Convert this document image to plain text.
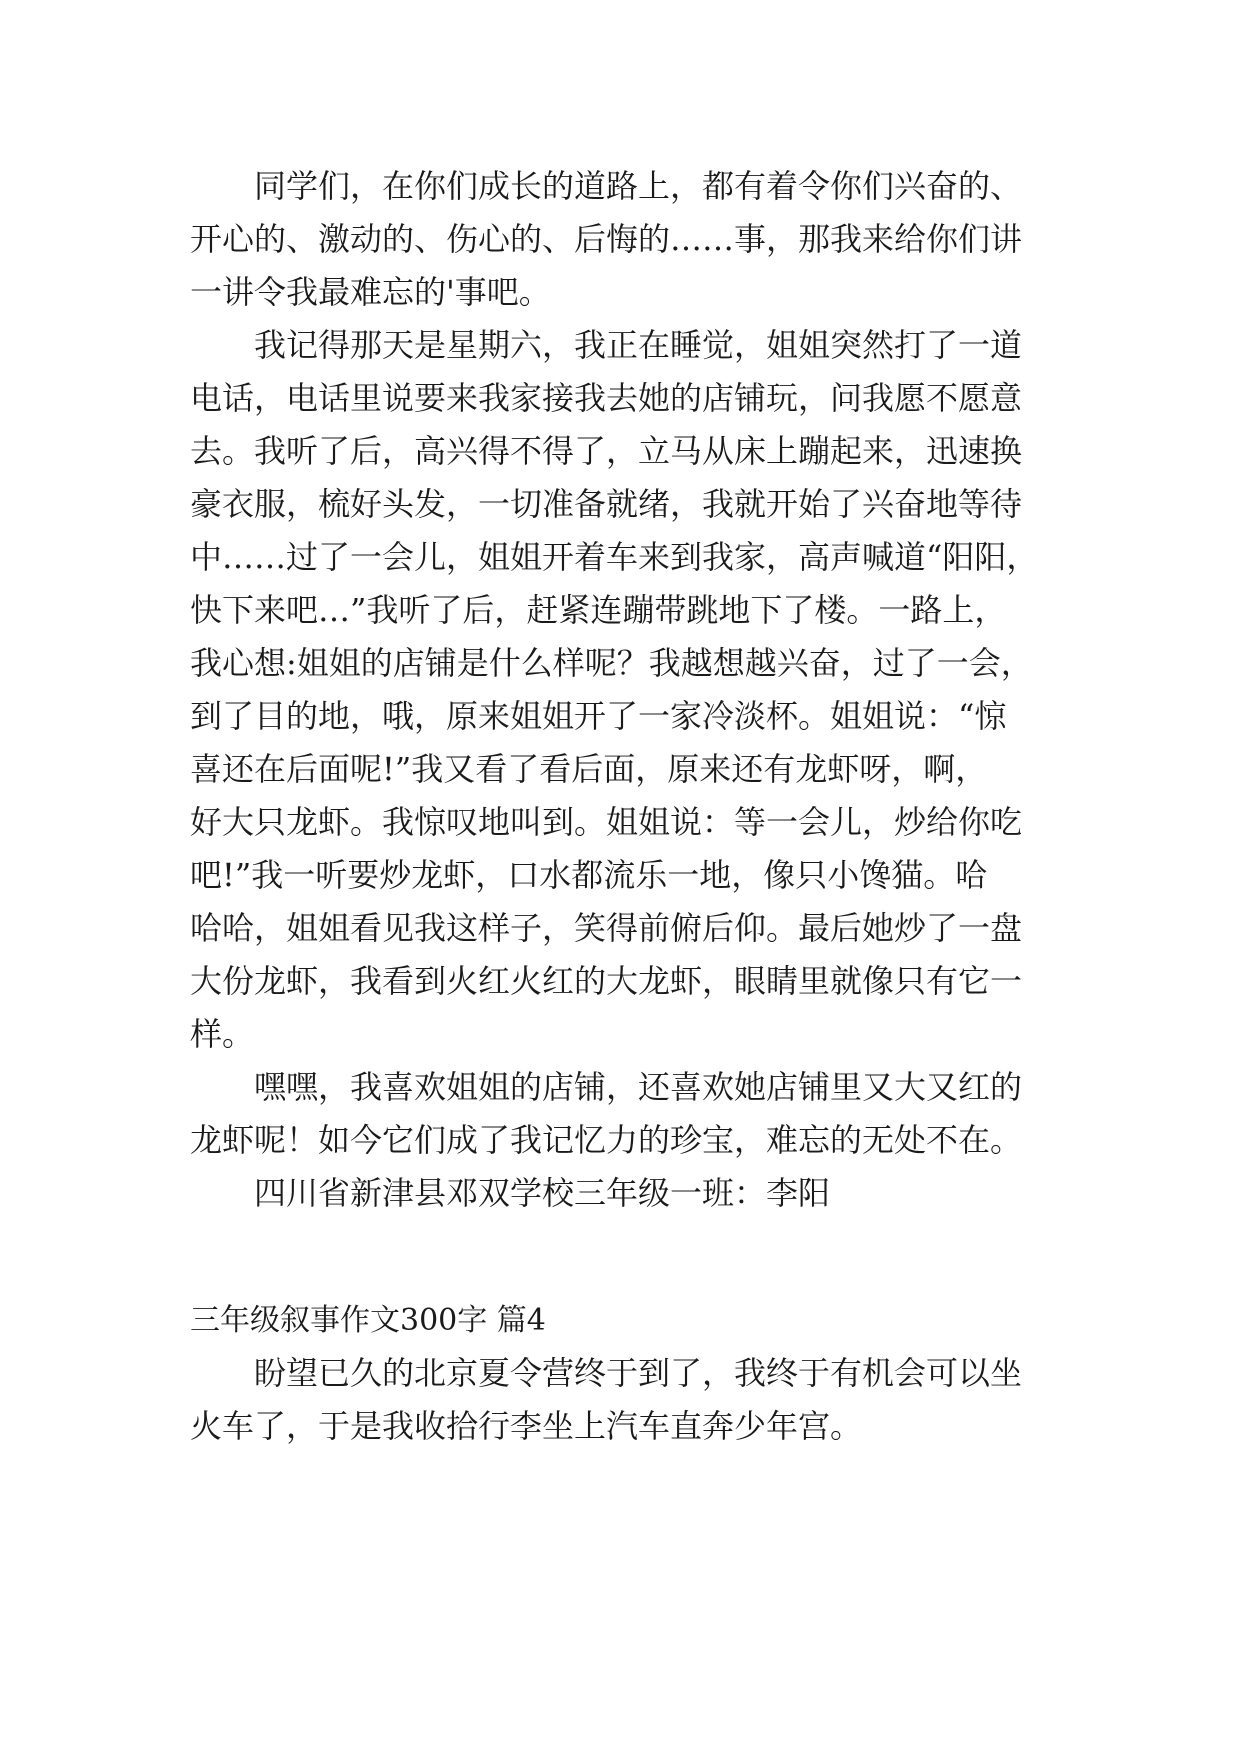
同学们，在你们成长的道路上，都有着令你们兴奋的、
开心的、激动的、伤心的、后悔的……事，那我来给你们讲
一讲令我最难忘的'事吧。
我记得那天是星期六，我正在睡觉，姐姐突然打了一道
电话，电话里说要来我家接我去她的店铺玩，问我愿不愿意
去。我听了后，高兴得不得了，立马从床上蹦起来，迅速换
豪衣服，梳好头发，一切准备就绪，我就开始了兴奋地等待
中……过了一会儿，姐姐开着车来到我家，高声喊道“阳阳，
快下来吧…”我听了后，赶紧连蹦带跳地下了楼。一路上，
我心想:姐姐的店铺是什么样呢？我越想越兴奋，过了一会，
到了目的地，哦，原来姐姐开了一家冷淡杯。姐姐说：“惊
喜还在后面呢!”我又看了看后面，原来还有龙虾呀，啊，
好大只龙虾。我惊叹地叫到。姐姐说：等一会儿，炒给你吃
吧!”我一听要炒龙虾，口水都流乐一地，像只小馋猫。哈
哈哈，姐姐看见我这样子，笑得前俯后仰。最后她炒了一盘
大份龙虾，我看到火红火红的大龙虾，眼睛里就像只有它一
样。
嘿嘿，我喜欢姐姐的店铺，还喜欢她店铺里又大又红的
龙虾呢！如今它们成了我记忆力的珍宝，难忘的无处不在。
四川省新津县邓双学校三年级一班：李阳
三年级叙事作文300字 篇4
盼望已久的北京夏令营终于到了，我终于有机会可以坐
火车了，于是我收拾行李坐上汽车直奔少年宫。
